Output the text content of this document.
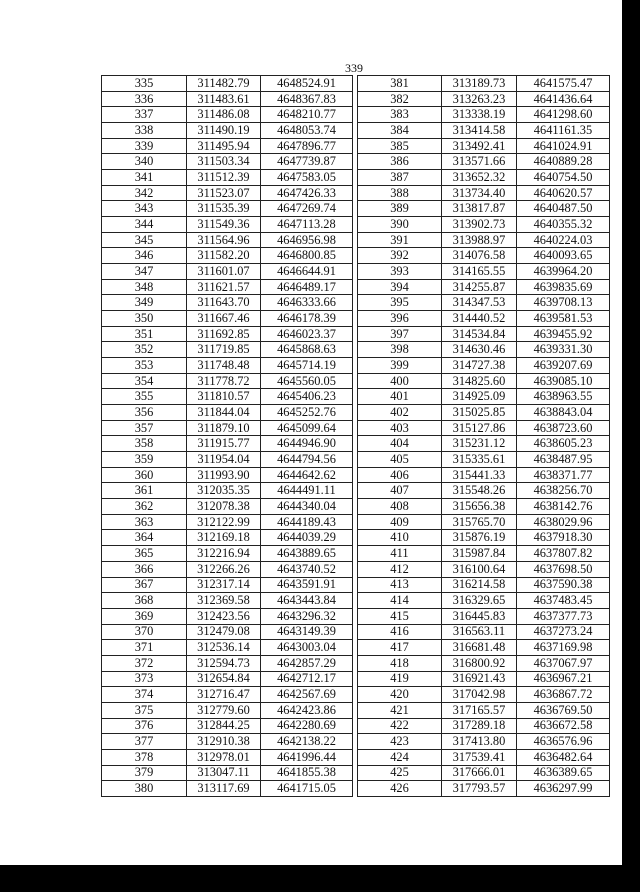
339
335	311482.79	4648524.91		381	313189.73	4641575.47
336	311483.61	4648367.83		382	313263.23	4641436.64
337	311486.08	4648210.77		383	313338.19	4641298.60
338	311490.19	4648053.74		384	313414.58	4641161.35
339	311495.94	4647896.77		385	313492.41	4641024.91
340	311503.34	4647739.87		386	313571.66	4640889.28
341	311512.39	4647583.05		387	313652.32	4640754.50
342	311523.07	4647426.33		388	313734.40	4640620.57
343	311535.39	4647269.74		389	313817.87	4640487.50
344	311549.36	4647113.28		390	313902.73	4640355.32
345	311564.96	4646956.98		391	313988.97	4640224.03
346	311582.20	4646800.85		392	314076.58	4640093.65
347	311601.07	4646644.91		393	314165.55	4639964.20
348	311621.57	4646489.17		394	314255.87	4639835.69
349	311643.70	4646333.66		395	314347.53	4639708.13
350	311667.46	4646178.39		396	314440.52	4639581.53
351	311692.85	4646023.37		397	314534.84	4639455.92
352	311719.85	4645868.63		398	314630.46	4639331.30
353	311748.48	4645714.19		399	314727.38	4639207.69
354	311778.72	4645560.05		400	314825.60	4639085.10
355	311810.57	4645406.23		401	314925.09	4638963.55
356	311844.04	4645252.76		402	315025.85	4638843.04
357	311879.10	4645099.64		403	315127.86	4638723.60
358	311915.77	4644946.90		404	315231.12	4638605.23
359	311954.04	4644794.56		405	315335.61	4638487.95
360	311993.90	4644642.62		406	315441.33	4638371.77
361	312035.35	4644491.11		407	315548.26	4638256.70
362	312078.38	4644340.04		408	315656.38	4638142.76
363	312122.99	4644189.43		409	315765.70	4638029.96
364	312169.18	4644039.29		410	315876.19	4637918.30
365	312216.94	4643889.65		411	315987.84	4637807.82
366	312266.26	4643740.52		412	316100.64	4637698.50
367	312317.14	4643591.91		413	316214.58	4637590.38
368	312369.58	4643443.84		414	316329.65	4637483.45
369	312423.56	4643296.32		415	316445.83	4637377.73
370	312479.08	4643149.39		416	316563.11	4637273.24
371	312536.14	4643003.04		417	316681.48	4637169.98
372	312594.73	4642857.29		418	316800.92	4637067.97
373	312654.84	4642712.17		419	316921.43	4636967.21
374	312716.47	4642567.69		420	317042.98	4636867.72
375	312779.60	4642423.86		421	317165.57	4636769.50
376	312844.25	4642280.69		422	317289.18	4636672.58
377	312910.38	4642138.22		423	317413.80	4636576.96
378	312978.01	4641996.44		424	317539.41	4636482.64
379	313047.11	4641855.38		425	317666.01	4636389.65
380	313117.69	4641715.05		426	317793.57	4636297.99
